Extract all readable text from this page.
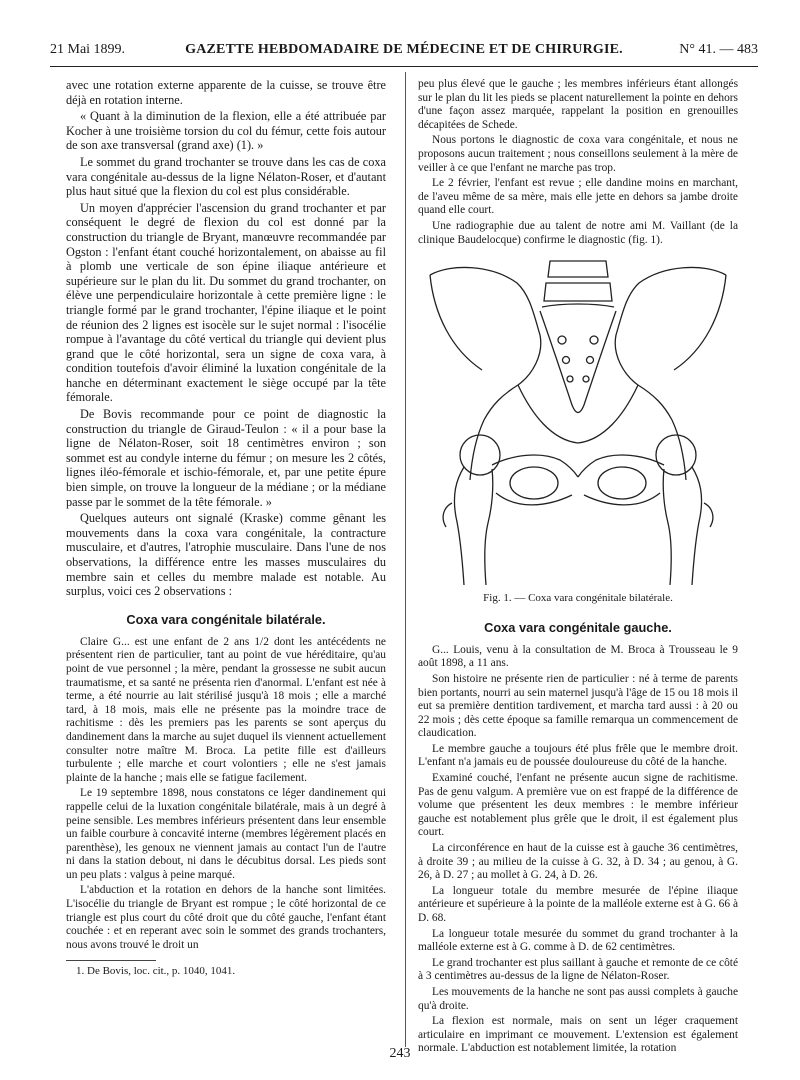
21 Mai 1899.	GAZETTE HEBDOMADAIRE DE MÉDECINE ET DE CHIRURGIE.	N° 41. — 483

avec une rotation externe apparente de la cuisse, se trouve être déjà en rotation interne.

« Quant à la diminution de la flexion, elle a été attribuée par Kocher à une troisième torsion du col du fémur, cette fois autour de son axe transversal (grand axe) (1). »

Le sommet du grand trochanter se trouve dans les cas de coxa vara congénitale au-dessus de la ligne Nélaton-Roser, et d'autant plus haut situé que la flexion du col est plus considérable.

Un moyen d'apprécier l'ascension du grand trochanter et par conséquent le degré de flexion du col est donné par la construction du triangle de Bryant, manœuvre recommandée par Ogston : l'enfant étant couché horizontalement, on abaisse au fil à plomb une verticale de son épine iliaque antérieure et supérieure sur le plan du lit. Du sommet du grand trochanter, on élève une perpendiculaire horizontale à cette première ligne : le triangle formé par le grand trochanter, l'épine iliaque et le point de réunion des 2 lignes est isocèle sur le sujet normal : l'isocélie rompue à l'avantage du côté vertical du triangle qui devient plus grand que le côté horizontal, sera un signe de coxa vara, à condition toutefois d'avoir éliminé la luxation congénitale de la hanche en déterminant exactement le siège occupé par la tête fémorale.

De Bovis recommande pour ce point de diagnostic la construction du triangle de Giraud-Teulon : « il a pour base la ligne de Nélaton-Roser, soit 18 centimètres environ ; son sommet est au condyle interne du fémur ; on mesure les 2 côtés, lignes iléo-fémorale et ischio-fémorale, et, par une petite épure bien simple, on trouve la longueur de la médiane ; or la médiane passe par le sommet de la tête fémorale. »

Quelques auteurs ont signalé (Kraske) comme gênant les mouvements dans la coxa vara congénitale, la contracture musculaire, et d'autres, l'atrophie musculaire. Dans l'une de nos observations, la différence entre les masses musculaires du membre sain et celles du membre malade est notable. Au surplus, voici ces 2 observations :

Coxa vara congénitale bilatérale.

Claire G... est une enfant de 2 ans 1/2 dont les antécédents ne présentent rien de particulier, tant au point de vue héréditaire, qu'au point de vue personnel ; la mère, pendant la grossesse ne subit aucun traumatisme, et sa santé ne présenta rien d'anormal. L'enfant est née à terme, a été nourrie au lait stérilisé jusqu'à 18 mois ; elle a marché tard, à 18 mois, mais elle ne présente pas la moindre trace de rachitisme : dès les premiers pas les parents se sont aperçus du dandinement dans la marche au sujet duquel ils viennent actuellement consulter notre maître M. Broca. La petite fille est d'ailleurs turbulente ; elle marche et court volontiers ; elle ne s'est jamais plainte de la hanche ; mais elle se fatigue facilement.

Le 19 septembre 1898, nous constatons ce léger dandinement qui rappelle celui de la luxation congénitale bilatérale, mais à un degré à peine sensible. Les membres inférieurs présentent dans leur ensemble un faible courbure à concavité interne (membres légèrement placés en parenthèse), les genoux ne viennent jamais au contact l'un de l'autre ni dans la station debout, ni dans le décubitus dorsal. Les pieds sont un peu plats : valgus à peine marqué.

L'abduction et la rotation en dehors de la hanche sont limitées. L'isocélie du triangle de Bryant est rompue ; le côté horizontal de ce triangle est plus court du côté droit que du côté gauche, l'enfant étant couchée : et en reperant avec soin le sommet des grands trochanters, nous avons trouvé le droit un

1. De Bovis, loc. cit., p. 1040, 1041.

peu plus élevé que le gauche ; les membres inférieurs étant allongés sur le plan du lit les pieds se placent naturellement la pointe en dehors d'une façon assez marquée, rappelant la position en grenouilles décapitées de Schede.

Nous portons le diagnostic de coxa vara congénitale, et nous ne proposons aucun traitement ; nous conseillons seulement à la mère de veiller à ce que l'enfant ne marche pas trop.

Le 2 février, l'enfant est revue ; elle dandine moins en marchant, de l'aveu même de sa mère, mais elle jette en dehors sa jambe droite quand elle court.

Une radiographie due au talent de notre ami M. Vaillant (de la clinique Baudelocque) confirme le diagnostic (fig. 1).

Fig. 1. — Coxa vara congénitale bilatérale.

Coxa vara congénitale gauche.

G... Louis, venu à la consultation de M. Broca à Trousseau le 9 août 1898, a 11 ans.

Son histoire ne présente rien de particulier : né à terme de parents bien portants, nourri au sein maternel jusqu'à l'âge de 15 ou 18 mois il eut sa première dentition tardivement, et marcha tard aussi : à 20 ou 22 mois ; dès cette époque sa famille remarqua un commencement de claudication.

Le membre gauche a toujours été plus frêle que le membre droit. L'enfant n'a jamais eu de poussée douloureuse du côté de la hanche.

Examiné couché, l'enfant ne présente aucun signe de rachitisme. Pas de genu valgum. A première vue on est frappé de la différence de volume que présentent les deux membres : le membre inférieur gauche est notablement plus grêle que le droit, il est également plus court.

La circonférence en haut de la cuisse est à gauche 36 centimètres, à droite 39 ; au milieu de la cuisse à G. 32, à D. 34 ; au genou, à G. 26, à D. 27 ; au mollet à G. 24, à D. 26.

La longueur totale du membre mesurée de l'épine iliaque antérieure et supérieure à la pointe de la malléole externe est à G. 66 à D. 68.

La longueur totale mesurée du sommet du grand trochanter à la malléole externe est à G. comme à D. de 62 centimètres.

Le grand trochanter est plus saillant à gauche et remonte de ce côté à 3 centimètres au-dessus de la ligne de Nélaton-Roser.

Les mouvements de la hanche ne sont pas aussi complets à gauche qu'à droite.

La flexion est normale, mais on sent un léger craquement articulaire en imprimant ce mouvement. L'extension est également normale. L'abduction est notablement limitée, la rotation

243
